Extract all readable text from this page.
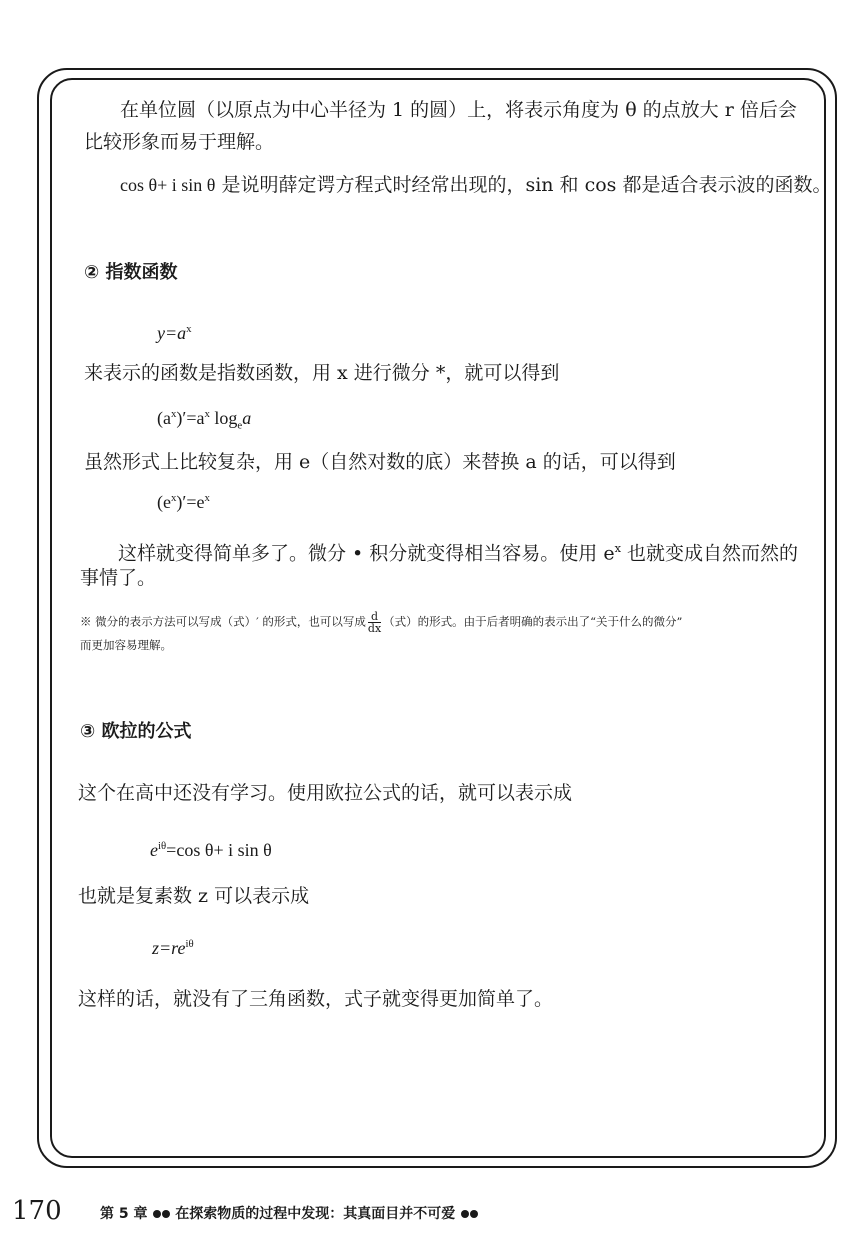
在单位圆（以原点为中心半径为 1 的圆）上，将表示角度为 θ 的点放大 r 倍后会
比较形象而易于理解。
cos θ+ i sin θ 是说明薛定谔方程式时经常出现的，sin 和 cos 都是适合表示波的函数。
② 指数函数
$y=a^x$
来表示的函数是指数函数，用 x 进行微分 *，就可以得到
$(a^x)'=a^x$ $\log_ea$
虽然形式上比较复杂，用 e（自然对数的底）来替换 a 的话，可以得到
$(e^x)'=e^x$
这样就变得简单多了。微分 • 积分就变得相当容易。使用 $e^x$ 也就变成自然而然的
事情了。
※ 微分的表示方法可以写成（式）′ 的形式，也可以写成 $\frac{d}{dx}$ （式）的形式。由于后者明确的表示出了“关于什么的微分”
而更加容易理解。
③ 欧拉的公式
这个在高中还没有学习。使用欧拉公式的话，就可以表示成
$e^{i\theta}=\cos$ θ+ i sin θ
也就是复素数 z 可以表示成
$z=re^{i\theta}$
这样的话，就没有了三角函数，式子就变得更加简单了。
170	第 5 章 在探索物质的过程中发现：其真面目并不可爱
